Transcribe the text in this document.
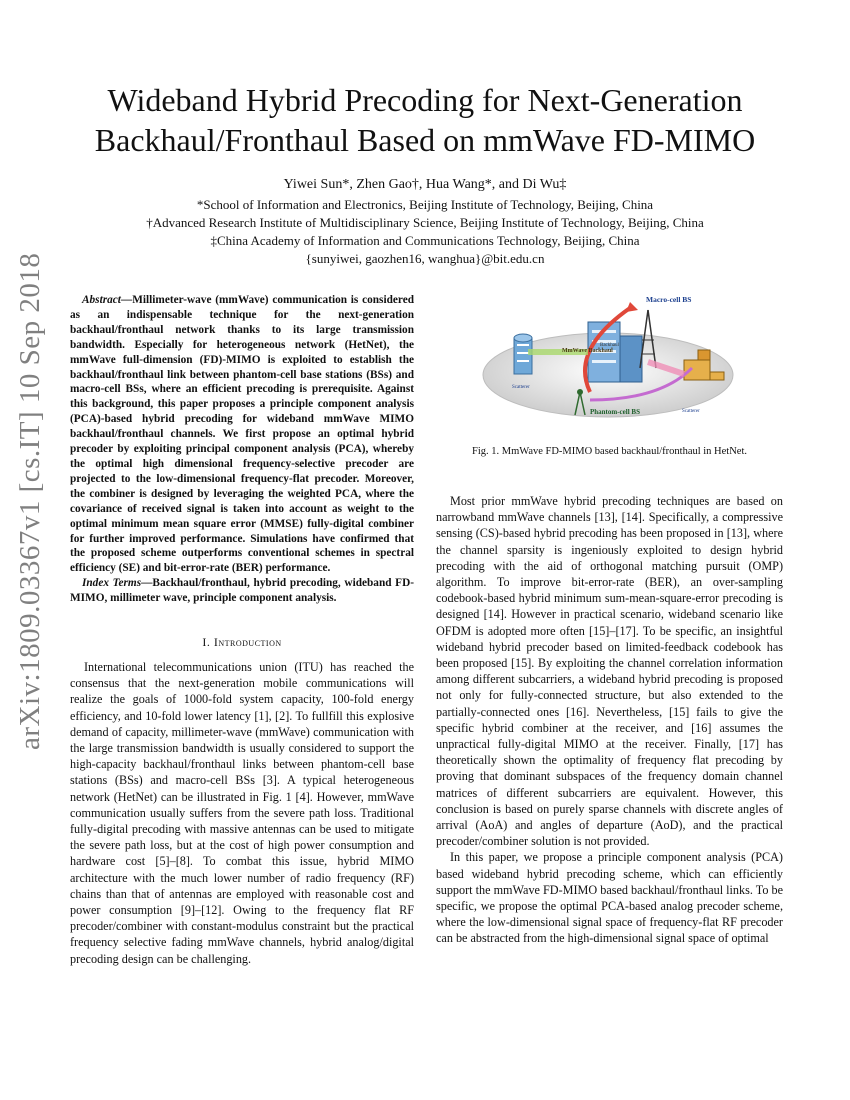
arXiv:1809.03367v1 [cs.IT] 10 Sep 2018
Wideband Hybrid Precoding for Next-Generation
Backhaul/Fronthaul Based on mmWave FD-MIMO
Yiwei Sun*, Zhen Gao†, Hua Wang*, and Di Wu‡
*School of Information and Electronics, Beijing Institute of Technology, Beijing, China
†Advanced Research Institute of Multidisciplinary Science, Beijing Institute of Technology, Beijing, China
‡China Academy of Information and Communications Technology, Beijing, China
{sunyiwei, gaozhen16, wanghua}@bit.edu.cn

Abstract—Millimeter-wave (mmWave) communication is considered as an indispensable technique for the next-generation backhaul/fronthaul network thanks to its large transmission bandwidth. Especially for heterogeneous network (HetNet), the mmWave full-dimension (FD)-MIMO is exploited to establish the backhaul/fronthaul link between phantom-cell base stations (BSs) and macro-cell BSs, where an efficient precoding is prerequisite. Against this background, this paper proposes a principle component analysis (PCA)-based hybrid precoding for wideband mmWave MIMO backhaul/fronthaul channels. We first propose an optimal hybrid precoder by exploiting principal component analysis (PCA), whereby the optimal high dimensional frequency-selective precoder are projected to the low-dimensional frequency-flat precoder. Moreover, the combiner is designed by leveraging the weighted PCA, where the covariance of received signal is taken into account as weight to the optimal minimum mean square error (MMSE) fully-digital combiner for further improved performance. Simulations have confirmed that the proposed scheme outperforms conventional schemes in spectral efficiency (SE) and bit-error-rate (BER) performance.

Index Terms—Backhaul/fronthaul, hybrid precoding, wideband FD-MIMO, millimeter wave, principle component analysis.

I. Introduction

International telecommunications union (ITU) has reached the consensus that the next-generation mobile communications will realize the goals of 1000-fold system capacity, 100-fold energy efficiency, and 10-fold lower latency [1], [2]. To fullfill this explosive demand of capacity, millimeter-wave (mmWave) communication with the large transmission bandwidth is usually considered to support the high-capacity backhaul/fronthaul links between phantom-cell base stations (BSs) and macro-cell BSs [3]. A typical heterogeneous network (HetNet) can be illustrated in Fig. 1 [4]. However, mmWave communication usually suffers from the severe path loss. Traditional fully-digital precoding with massive antennas can be used to mitigate the severe path loss, but at the cost of high power consumption and hardware cost [5]–[8]. To combat this issue, hybrid MIMO architecture with the much lower number of radio frequency (RF) chains than that of antennas are employed with reasonable cost and power consumption [9]–[12]. Owing to the frequency flat RF precoder/combiner with constant-modulus constraint but the practical frequency selective fading mmWave channels, hybrid analog/digital precoding design can be challenging.

Macro-cell BS
MmWave Backhaul
Backhaul
Phantom-cell BS
Scatterer
Scatterer
Fig. 1. MmWave FD-MIMO based backhaul/fronthaul in HetNet.

Most prior mmWave hybrid precoding techniques are based on narrowband mmWave channels [13], [14]. Specifically, a compressive sensing (CS)-based hybrid precoding has been proposed in [13], where the channel sparsity is ingeniously exploited to design hybrid precoding with the aid of orthogonal matching pursuit (OMP) algorithm. To improve bit-error-rate (BER), an over-sampling codebook-based hybrid minimum sum-mean-square-error precoding is designed [14]. However in practical scenario, wideband scenario like OFDM is adopted more often [15]–[17]. To be specific, an insightful wideband hybrid precoder based on limited-feedback codebook has been proposed [15]. By exploiting the channel correlation information among different subcarriers, a wideband hybrid precoding is proposed not only for fully-connected structure, but also extended to the partially-connected ones [16]. Nevertheless, [15] fails to give the specific hybrid combiner at the receiver, and [16] assumes the unpractical fully-digital MIMO at the receiver. Finally, [17] has theoretically shown the optimality of frequency flat precoding by proving that dominant subspaces of the frequency domain channel matrices of different subcarriers are equivalent. However, this conclusion is based on purely sparse channels with discrete angles of arrival (AoA) and angles of departure (AoD), and the practical precoder/combiner solution is not provided.

In this paper, we propose a principle component analysis (PCA) based wideband hybrid precoding scheme, which can efficiently support the mmWave FD-MIMO based backhaul/fronthaul links. To be specific, we propose the optimal PCA-based analog precoder scheme, where the low-dimensional signal space of frequency-flat RF precoder can be abstracted from the high-dimensional signal space of optimal
